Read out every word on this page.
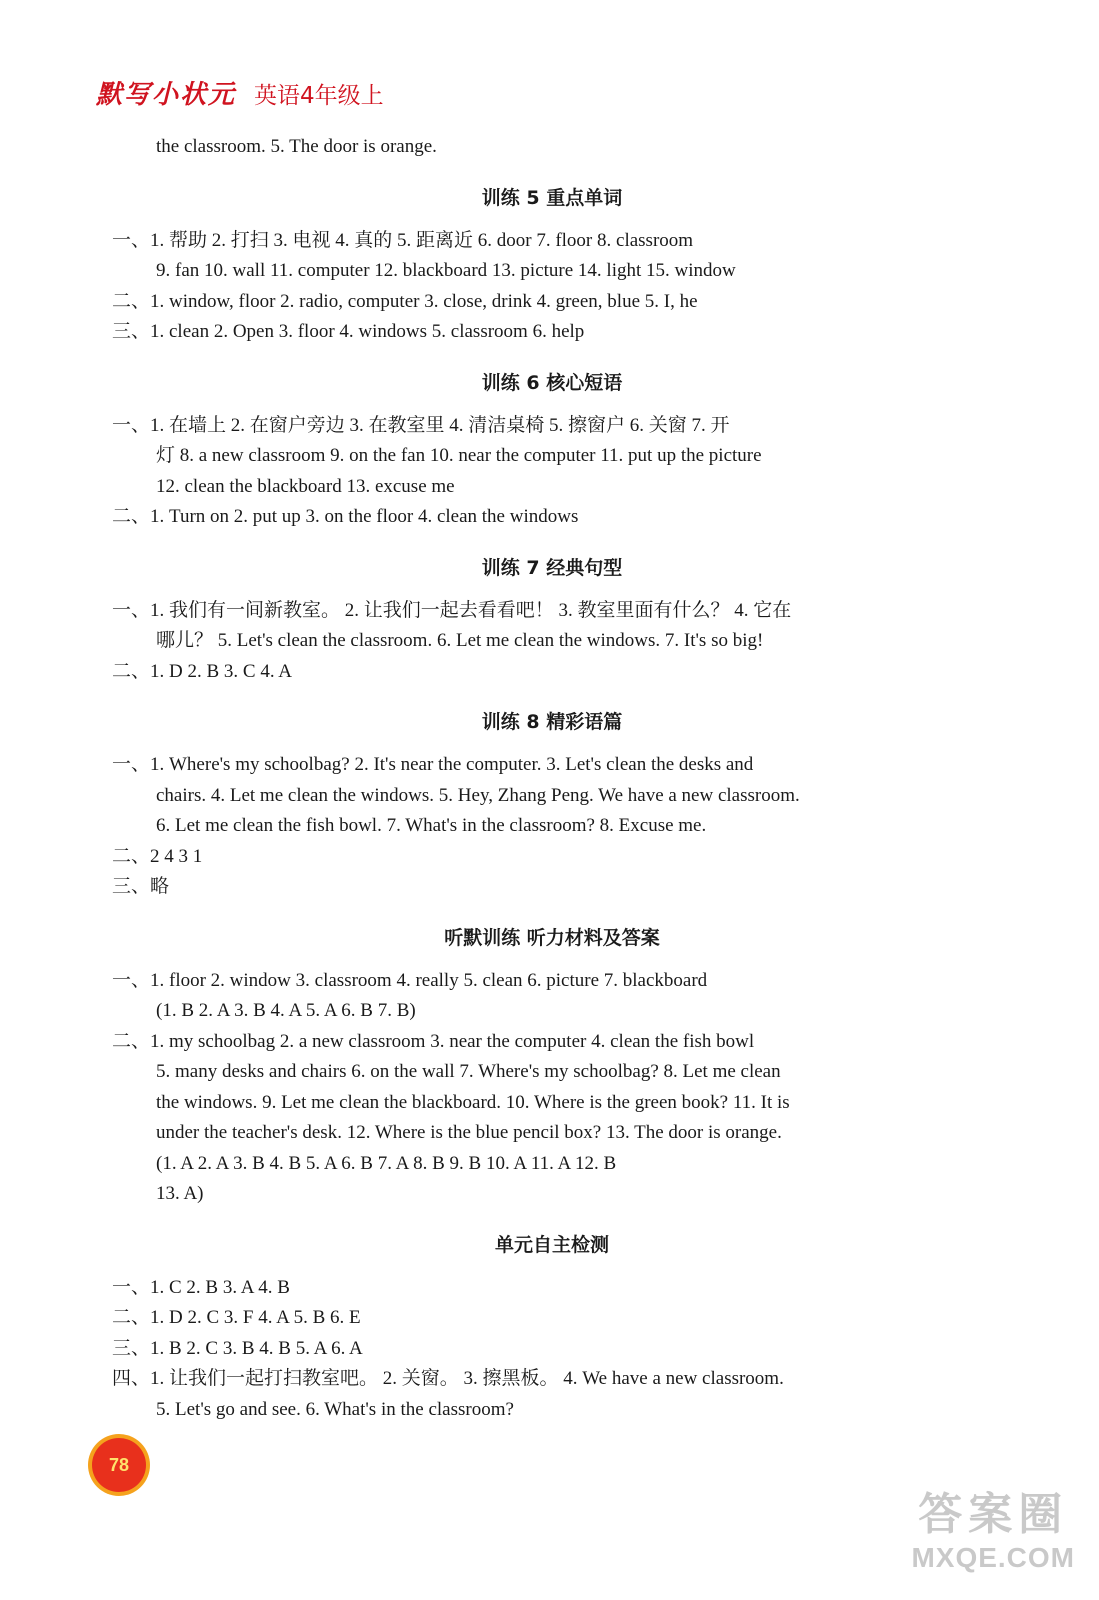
默写小状元 英语4年级上

the classroom. 5. The door is orange.

训练 5 重点单词

一、1. 帮助 2. 打扫 3. 电视 4. 真的 5. 距离近 6. door 7. floor 8. classroom

9. fan 10. wall 11. computer 12. blackboard 13. picture 14. light 15. window

二、1. window, floor 2. radio, computer 3. close, drink 4. green, blue 5. I, he

三、1. clean 2. Open 3. floor 4. windows 5. classroom 6. help

训练 6 核心短语

一、1. 在墙上 2. 在窗户旁边 3. 在教室里 4. 清洁桌椅 5. 擦窗户 6. 关窗 7. 开

灯 8. a new classroom 9. on the fan 10. near the computer 11. put up the picture

12. clean the blackboard 13. excuse me

二、1. Turn on 2. put up 3. on the floor 4. clean the windows

训练 7 经典句型

一、1. 我们有一间新教室。 2. 让我们一起去看看吧！ 3. 教室里面有什么？ 4. 它在

哪儿？ 5. Let's clean the classroom. 6. Let me clean the windows. 7. It's so big!

二、1. D 2. B 3. C 4. A

训练 8 精彩语篇

一、1. Where's my schoolbag? 2. It's near the computer. 3. Let's clean the desks and

chairs. 4. Let me clean the windows. 5. Hey, Zhang Peng. We have a new classroom.

6. Let me clean the fish bowl. 7. What's in the classroom? 8. Excuse me.

二、2 4 3 1

三、略

听默训练 听力材料及答案

一、1. floor 2. window 3. classroom 4. really 5. clean 6. picture 7. blackboard

(1. B 2. A 3. B 4. A 5. A 6. B 7. B)

二、1. my schoolbag 2. a new classroom 3. near the computer 4. clean the fish bowl

5. many desks and chairs 6. on the wall 7. Where's my schoolbag? 8. Let me clean

the windows. 9. Let me clean the blackboard. 10. Where is the green book? 11. It is

under the teacher's desk. 12. Where is the blue pencil box? 13. The door is orange.

(1. A 2. A 3. B 4. B 5. A 6. B 7. A 8. B 9. B 10. A 11. A 12. B

13. A)

单元自主检测

一、1. C 2. B 3. A 4. B

二、1. D 2. C 3. F 4. A 5. B 6. E

三、1. B 2. C 3. B 4. B 5. A 6. A

四、1. 让我们一起打扫教室吧。 2. 关窗。 3. 擦黑板。 4. We have a new classroom.

5. Let's go and see. 6. What's in the classroom?

78
答案圈
MXQE.COM
